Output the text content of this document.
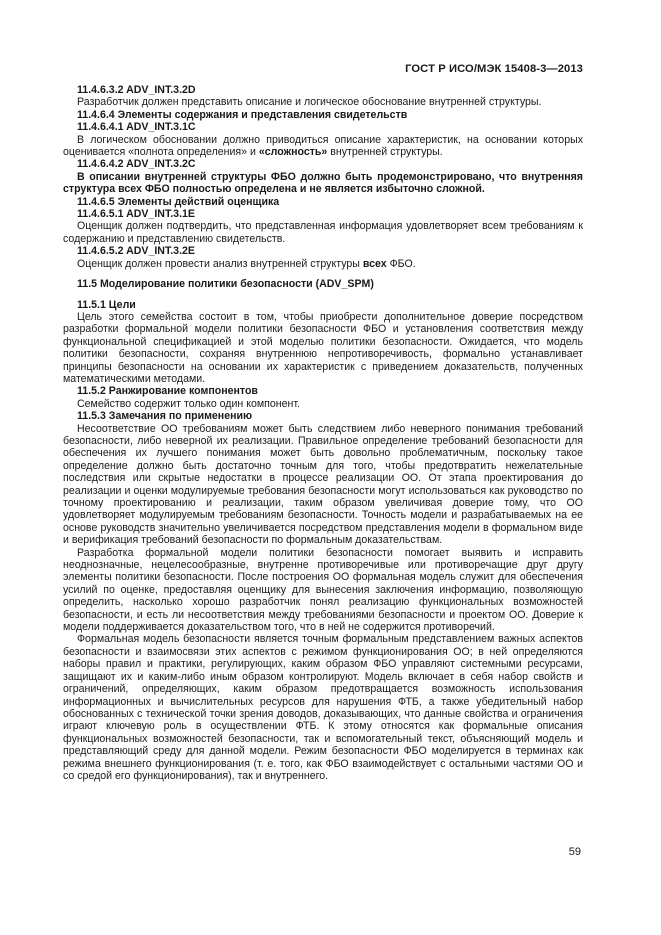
ГОСТ Р ИСО/МЭК 15408-3—2013

11.4.6.3.2 ADV_INT.3.2D

Разработчик должен представить описание и логическое обоснование внутренней структуры.

11.4.6.4 Элементы содержания и представления свидетельств

11.4.6.4.1 ADV_INT.3.1C

В логическом обосновании должно приводиться описание характеристик, на основании которых оценивается «полнота определения» и «сложность» внутренней структуры.

11.4.6.4.2 ADV_INT.3.2C

В описании внутренней структуры ФБО должно быть продемонстрировано, что внутренняя структура всех ФБО полностью определена и не является избыточно сложной.

11.4.6.5 Элементы действий оценщика

11.4.6.5.1 ADV_INT.3.1E

Оценщик должен подтвердить, что представленная информация удовлетворяет всем требованиям к содержанию и представлению свидетельств.

11.4.6.5.2 ADV_INT.3.2E

Оценщик должен провести анализ внутренней структуры всех ФБО.

11.5 Моделирование политики безопасности (ADV_SPM)

11.5.1 Цели

Цель этого семейства состоит в том, чтобы приобрести дополнительное доверие посредством разработки формальной модели политики безопасности ФБО и установления соответствия между функциональной спецификацией и этой моделью политики безопасности. Ожидается, что модель политики безопасности, сохраняя внутреннюю непротиворечивость, формально устанавливает принципы безопасности на основании их характеристик с приведением доказательств, полученных математическими методами.

11.5.2 Ранжирование компонентов

Семейство содержит только один компонент.

11.5.3 Замечания по применению

Несоответствие ОО требованиям может быть следствием либо неверного понимания требований безопасности, либо неверной их реализации. Правильное определение требований безопасности для обеспечения их лучшего понимания может быть довольно проблематичным, поскольку такое определение должно быть достаточно точным для того, чтобы предотвратить нежелательные последствия или скрытые недостатки в процессе реализации ОО. От этапа проектирования до реализации и оценки модулируемые требования безопасности могут использоваться как руководство по точному проектированию и реализации, таким образом увеличивая доверие тому, что ОО удовлетворяет модулируемым требованиям безопасности. Точность модели и разрабатываемых на ее основе руководств значительно увеличивается посредством представления модели в формальном виде и верификация требований безопасности по формальным доказательствам.

Разработка формальной модели политики безопасности помогает выявить и исправить неоднозначные, нецелесообразные, внутренне противоречивые или противоречащие друг другу элементы политики безопасности. После построения ОО формальная модель служит для обеспечения усилий по оценке, предоставляя оценщику для вынесения заключения информацию, позволяющую определить, насколько хорошо разработчик понял реализацию функциональных возможностей безопасности, и есть ли несоответствия между требованиями безопасности и проектом ОО. Доверие к модели поддерживается доказательством того, что в ней не содержится противоречий.

Формальная модель безопасности является точным формальным представлением важных аспектов безопасности и взаимосвязи этих аспектов с режимом функционирования ОО; в ней определяются наборы правил и практики, регулирующих, каким образом ФБО управляют системными ресурсами, защищают их и каким-либо иным образом контролируют. Модель включает в себя набор свойств и ограничений, определяющих, каким образом предотвращается возможность использования информационных и вычислительных ресурсов для нарушения ФТБ, а также убедительный набор обоснованных с технической точки зрения доводов, доказывающих, что данные свойства и ограничения играют ключевую роль в осуществлении ФТБ. К этому относятся как формальные описания функциональных возможностей безопасности, так и вспомогательный текст, объясняющий модель и представляющий среду для данной модели. Режим безопасности ФБО моделируется в терминах как режима внешнего функционирования (т. е. того, как ФБО взаимодействует с остальными частями ОО и со средой его функционирования), так и внутреннего.

59
